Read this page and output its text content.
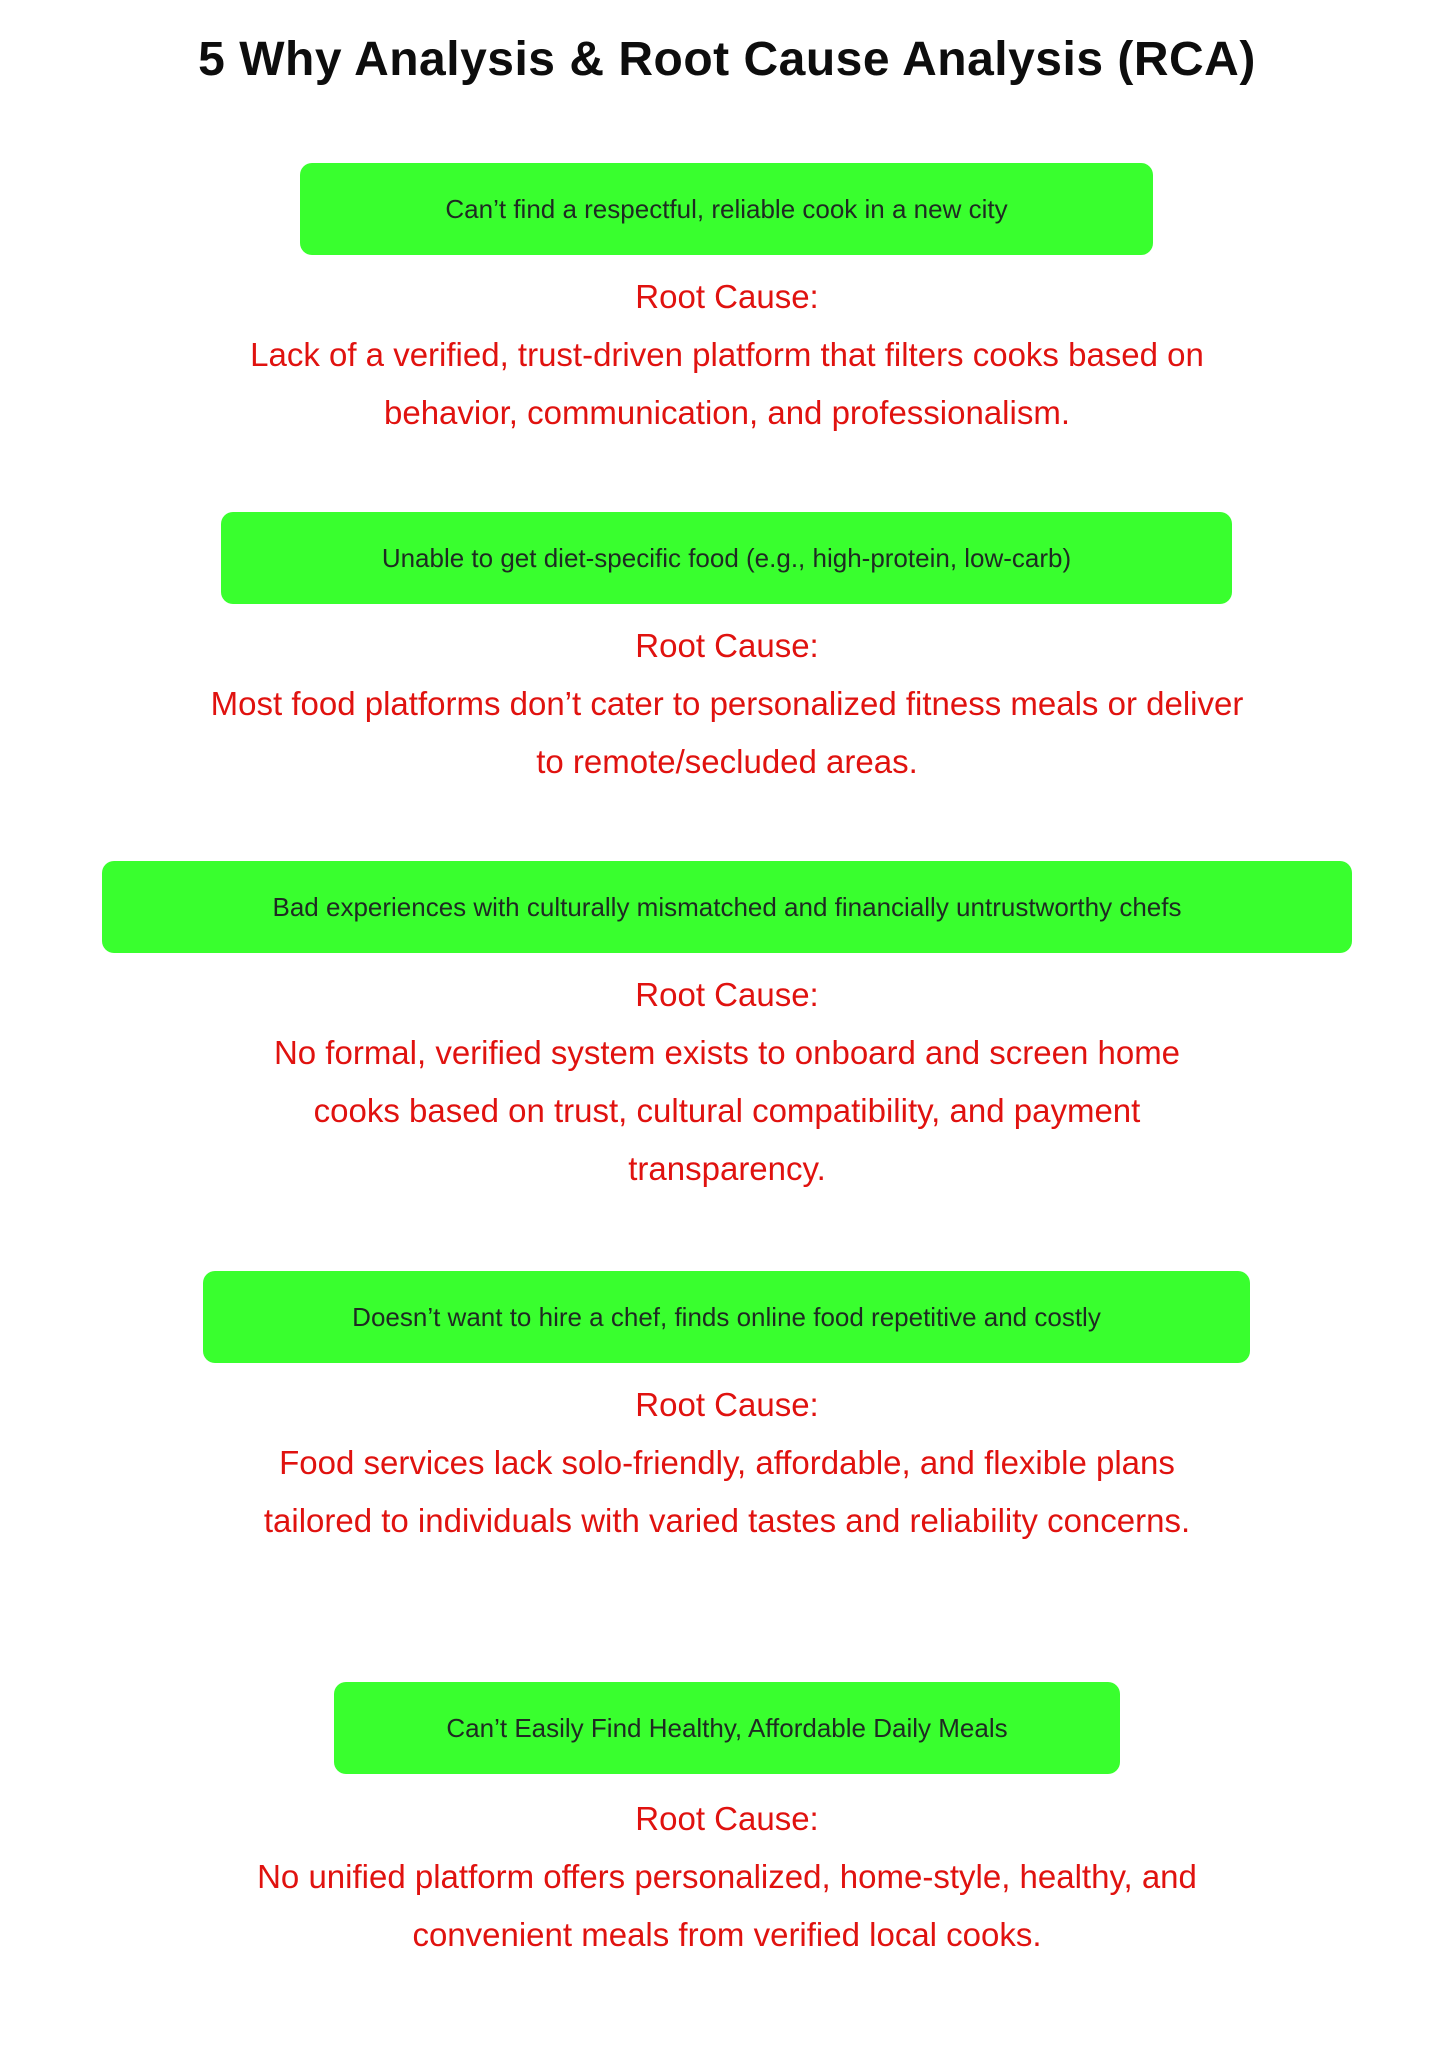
5 Why Analysis & Root Cause Analysis (RCA)
Can’t find a respectful, reliable cook in a new city
Root Cause:
Lack of a verified, trust-driven platform that filters cooks based on behavior, communication, and professionalism.
Unable to get diet-specific food (e.g., high-protein, low-carb)
Root Cause:
Most food platforms don’t cater to personalized fitness meals or deliver to remote/secluded areas.
Bad experiences with culturally mismatched and financially untrustworthy chefs
Root Cause:
No formal, verified system exists to onboard and screen home cooks based on trust, cultural compatibility, and payment transparency.
Doesn’t want to hire a chef, finds online food repetitive and costly
Root Cause:
Food services lack solo-friendly, affordable, and flexible plans tailored to individuals with varied tastes and reliability concerns.
Can’t Easily Find Healthy, Affordable Daily Meals
Root Cause:
No unified platform offers personalized, home-style, healthy, and convenient meals from verified local cooks.
